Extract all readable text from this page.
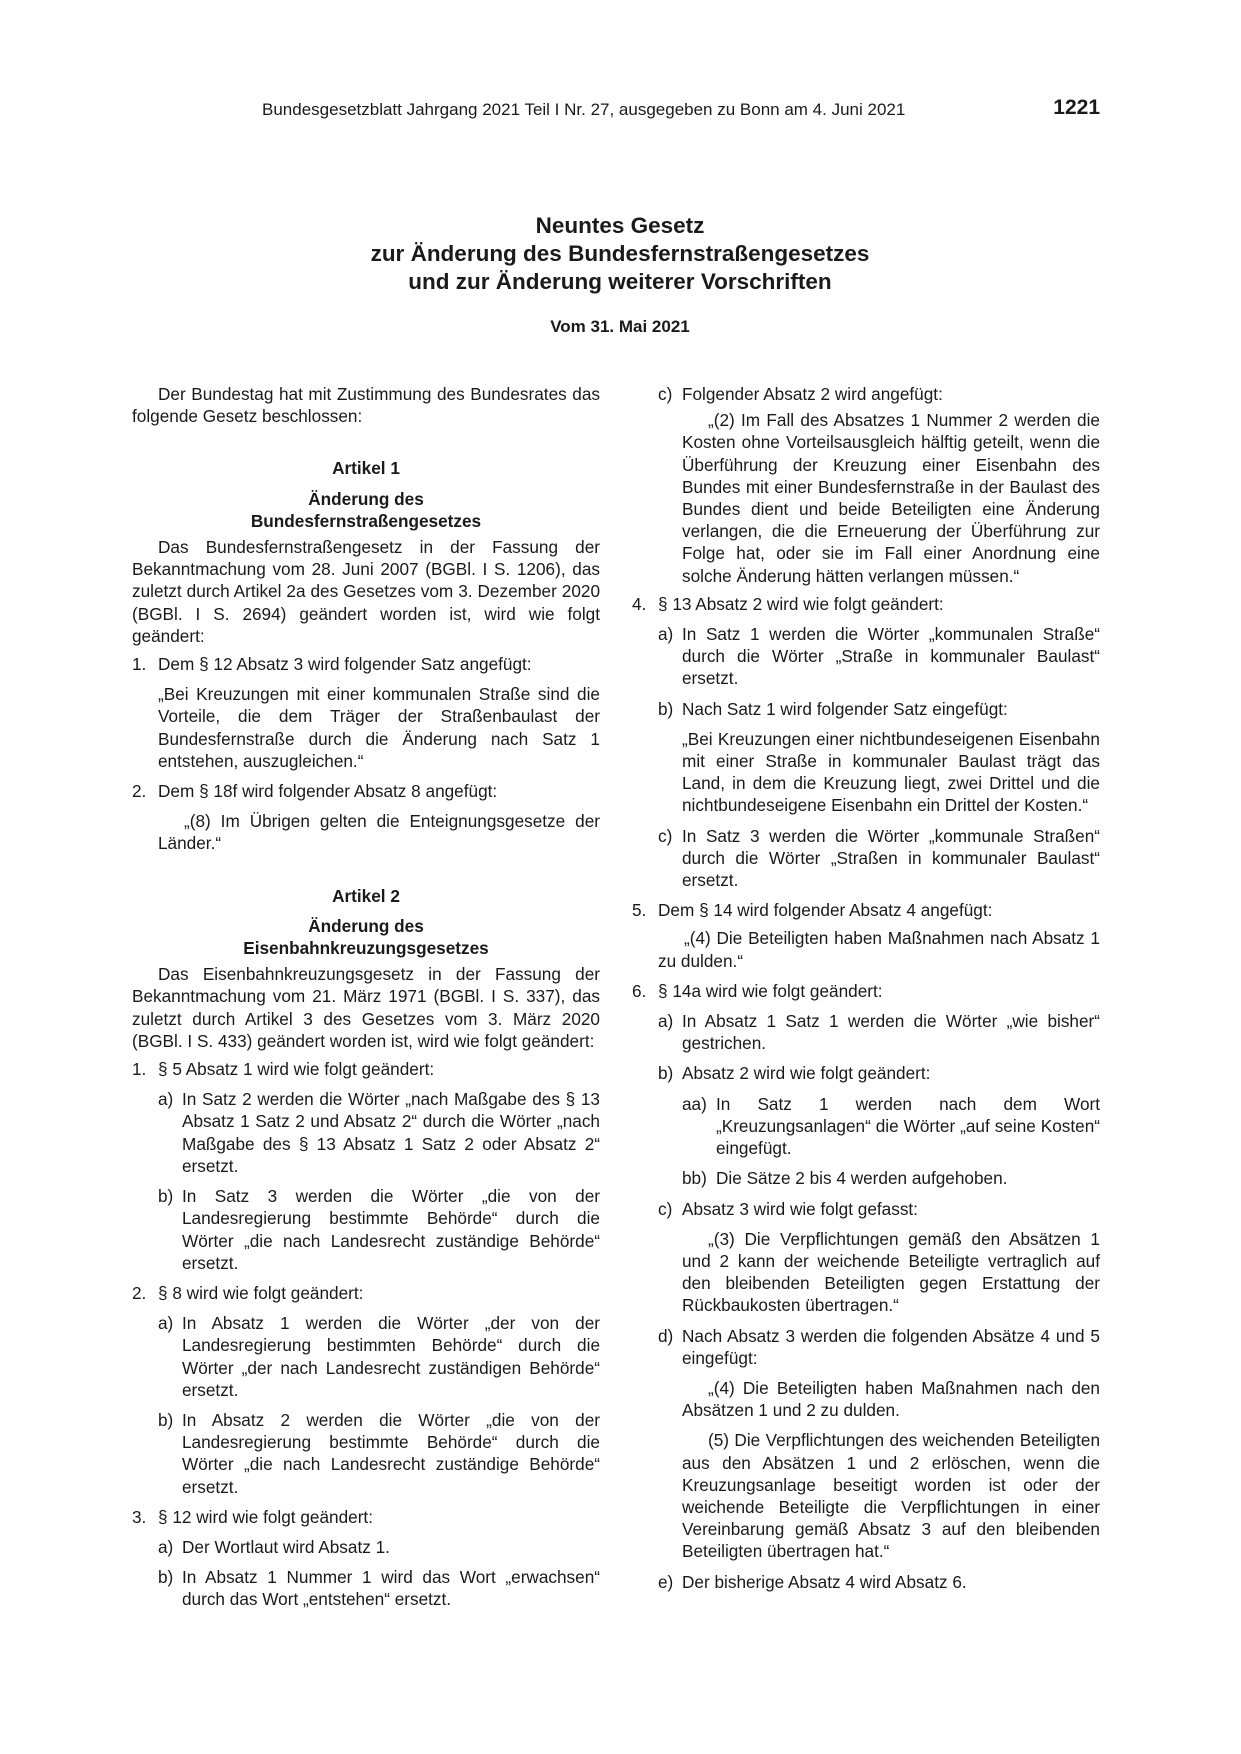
Bundesgesetzblatt Jahrgang 2021 Teil I Nr. 27, ausgegeben zu Bonn am 4. Juni 2021	1221
Neuntes Gesetz
zur Änderung des Bundesfernstraßengesetzes
und zur Änderung weiterer Vorschriften
Vom 31. Mai 2021

Der Bundestag hat mit Zustimmung des Bundesrates das folgende Gesetz beschlossen:

Artikel 1

Änderung des

Bundesfernstraßengesetzes

Das Bundesfernstraßengesetz in der Fassung der Bekanntmachung vom 28. Juni 2007 (BGBl. I S. 1206), das zuletzt durch Artikel 2a des Gesetzes vom 3. Dezember 2020 (BGBl. I S. 2694) geändert worden ist, wird wie folgt geändert:

1. Dem § 12 Absatz 3 wird folgender Satz angefügt:

„Bei Kreuzungen mit einer kommunalen Straße sind die Vorteile, die dem Träger der Straßenbaulast der Bundesfernstraße durch die Änderung nach Satz 1 entstehen, auszugleichen.“

2. Dem § 18f wird folgender Absatz 8 angefügt:

„(8) Im Übrigen gelten die Enteignungsgesetze der Länder.“

Artikel 2

Änderung des

Eisenbahnkreuzungsgesetzes

Das Eisenbahnkreuzungsgesetz in der Fassung der Bekanntmachung vom 21. März 1971 (BGBl. I S. 337), das zuletzt durch Artikel 3 des Gesetzes vom 3. März 2020 (BGBl. I S. 433) geändert worden ist, wird wie folgt geändert:

1. § 5 Absatz 1 wird wie folgt geändert:
a) In Satz 2 werden die Wörter „nach Maßgabe des § 13 Absatz 1 Satz 2 und Absatz 2“ durch die Wörter „nach Maßgabe des § 13 Absatz 1 Satz 2 oder Absatz 2“ ersetzt.
b) In Satz 3 werden die Wörter „die von der Landesregierung bestimmte Behörde“ durch die Wörter „die nach Landesrecht zuständige Behörde“ ersetzt.
2. § 8 wird wie folgt geändert:
a) In Absatz 1 werden die Wörter „der von der Landesregierung bestimmten Behörde“ durch die Wörter „der nach Landesrecht zuständigen Behörde“ ersetzt.
b) In Absatz 2 werden die Wörter „die von der Landesregierung bestimmte Behörde“ durch die Wörter „die nach Landesrecht zuständige Behörde“ ersetzt.
3. § 12 wird wie folgt geändert:
a) Der Wortlaut wird Absatz 1.
b) In Absatz 1 Nummer 1 wird das Wort „erwachsen“ durch das Wort „entstehen“ ersetzt.
c) Folgender Absatz 2 wird angefügt:

„(2) Im Fall des Absatzes 1 Nummer 2 werden die Kosten ohne Vorteilsausgleich hälftig geteilt, wenn die Überführung der Kreuzung einer Eisenbahn des Bundes mit einer Bundesfernstraße in der Baulast des Bundes dient und beide Beteiligten eine Änderung verlangen, die die Erneuerung der Überführung zur Folge hat, oder sie im Fall einer Anordnung eine solche Änderung hätten verlangen müssen.“

4. § 13 Absatz 2 wird wie folgt geändert:
a) In Satz 1 werden die Wörter „kommunalen Straße“ durch die Wörter „Straße in kommunaler Baulast“ ersetzt.
b) Nach Satz 1 wird folgender Satz eingefügt:

„Bei Kreuzungen einer nichtbundeseigenen Eisenbahn mit einer Straße in kommunaler Baulast trägt das Land, in dem die Kreuzung liegt, zwei Drittel und die nichtbundeseigene Eisenbahn ein Drittel der Kosten.“

c) In Satz 3 werden die Wörter „kommunale Straßen“ durch die Wörter „Straßen in kommunaler Baulast“ ersetzt.
5. Dem § 14 wird folgender Absatz 4 angefügt:

„(4) Die Beteiligten haben Maßnahmen nach Absatz 1 zu dulden.“

6. § 14a wird wie folgt geändert:
a) In Absatz 1 Satz 1 werden die Wörter „wie bisher“ gestrichen.
b) Absatz 2 wird wie folgt geändert:
aa) In Satz 1 werden nach dem Wort „Kreuzungsanlagen“ die Wörter „auf seine Kosten“ eingefügt.
bb) Die Sätze 2 bis 4 werden aufgehoben.
c) Absatz 3 wird wie folgt gefasst:

„(3) Die Verpflichtungen gemäß den Absätzen 1 und 2 kann der weichende Beteiligte vertraglich auf den bleibenden Beteiligten gegen Erstattung der Rückbaukosten übertragen.“

d) Nach Absatz 3 werden die folgenden Absätze 4 und 5 eingefügt:

„(4) Die Beteiligten haben Maßnahmen nach den Absätzen 1 und 2 zu dulden.

(5) Die Verpflichtungen des weichenden Beteiligten aus den Absätzen 1 und 2 erlöschen, wenn die Kreuzungsanlage beseitigt worden ist oder der weichende Beteiligte die Verpflichtungen in einer Vereinbarung gemäß Absatz 3 auf den bleibenden Beteiligten übertragen hat.“

e) Der bisherige Absatz 4 wird Absatz 6.
